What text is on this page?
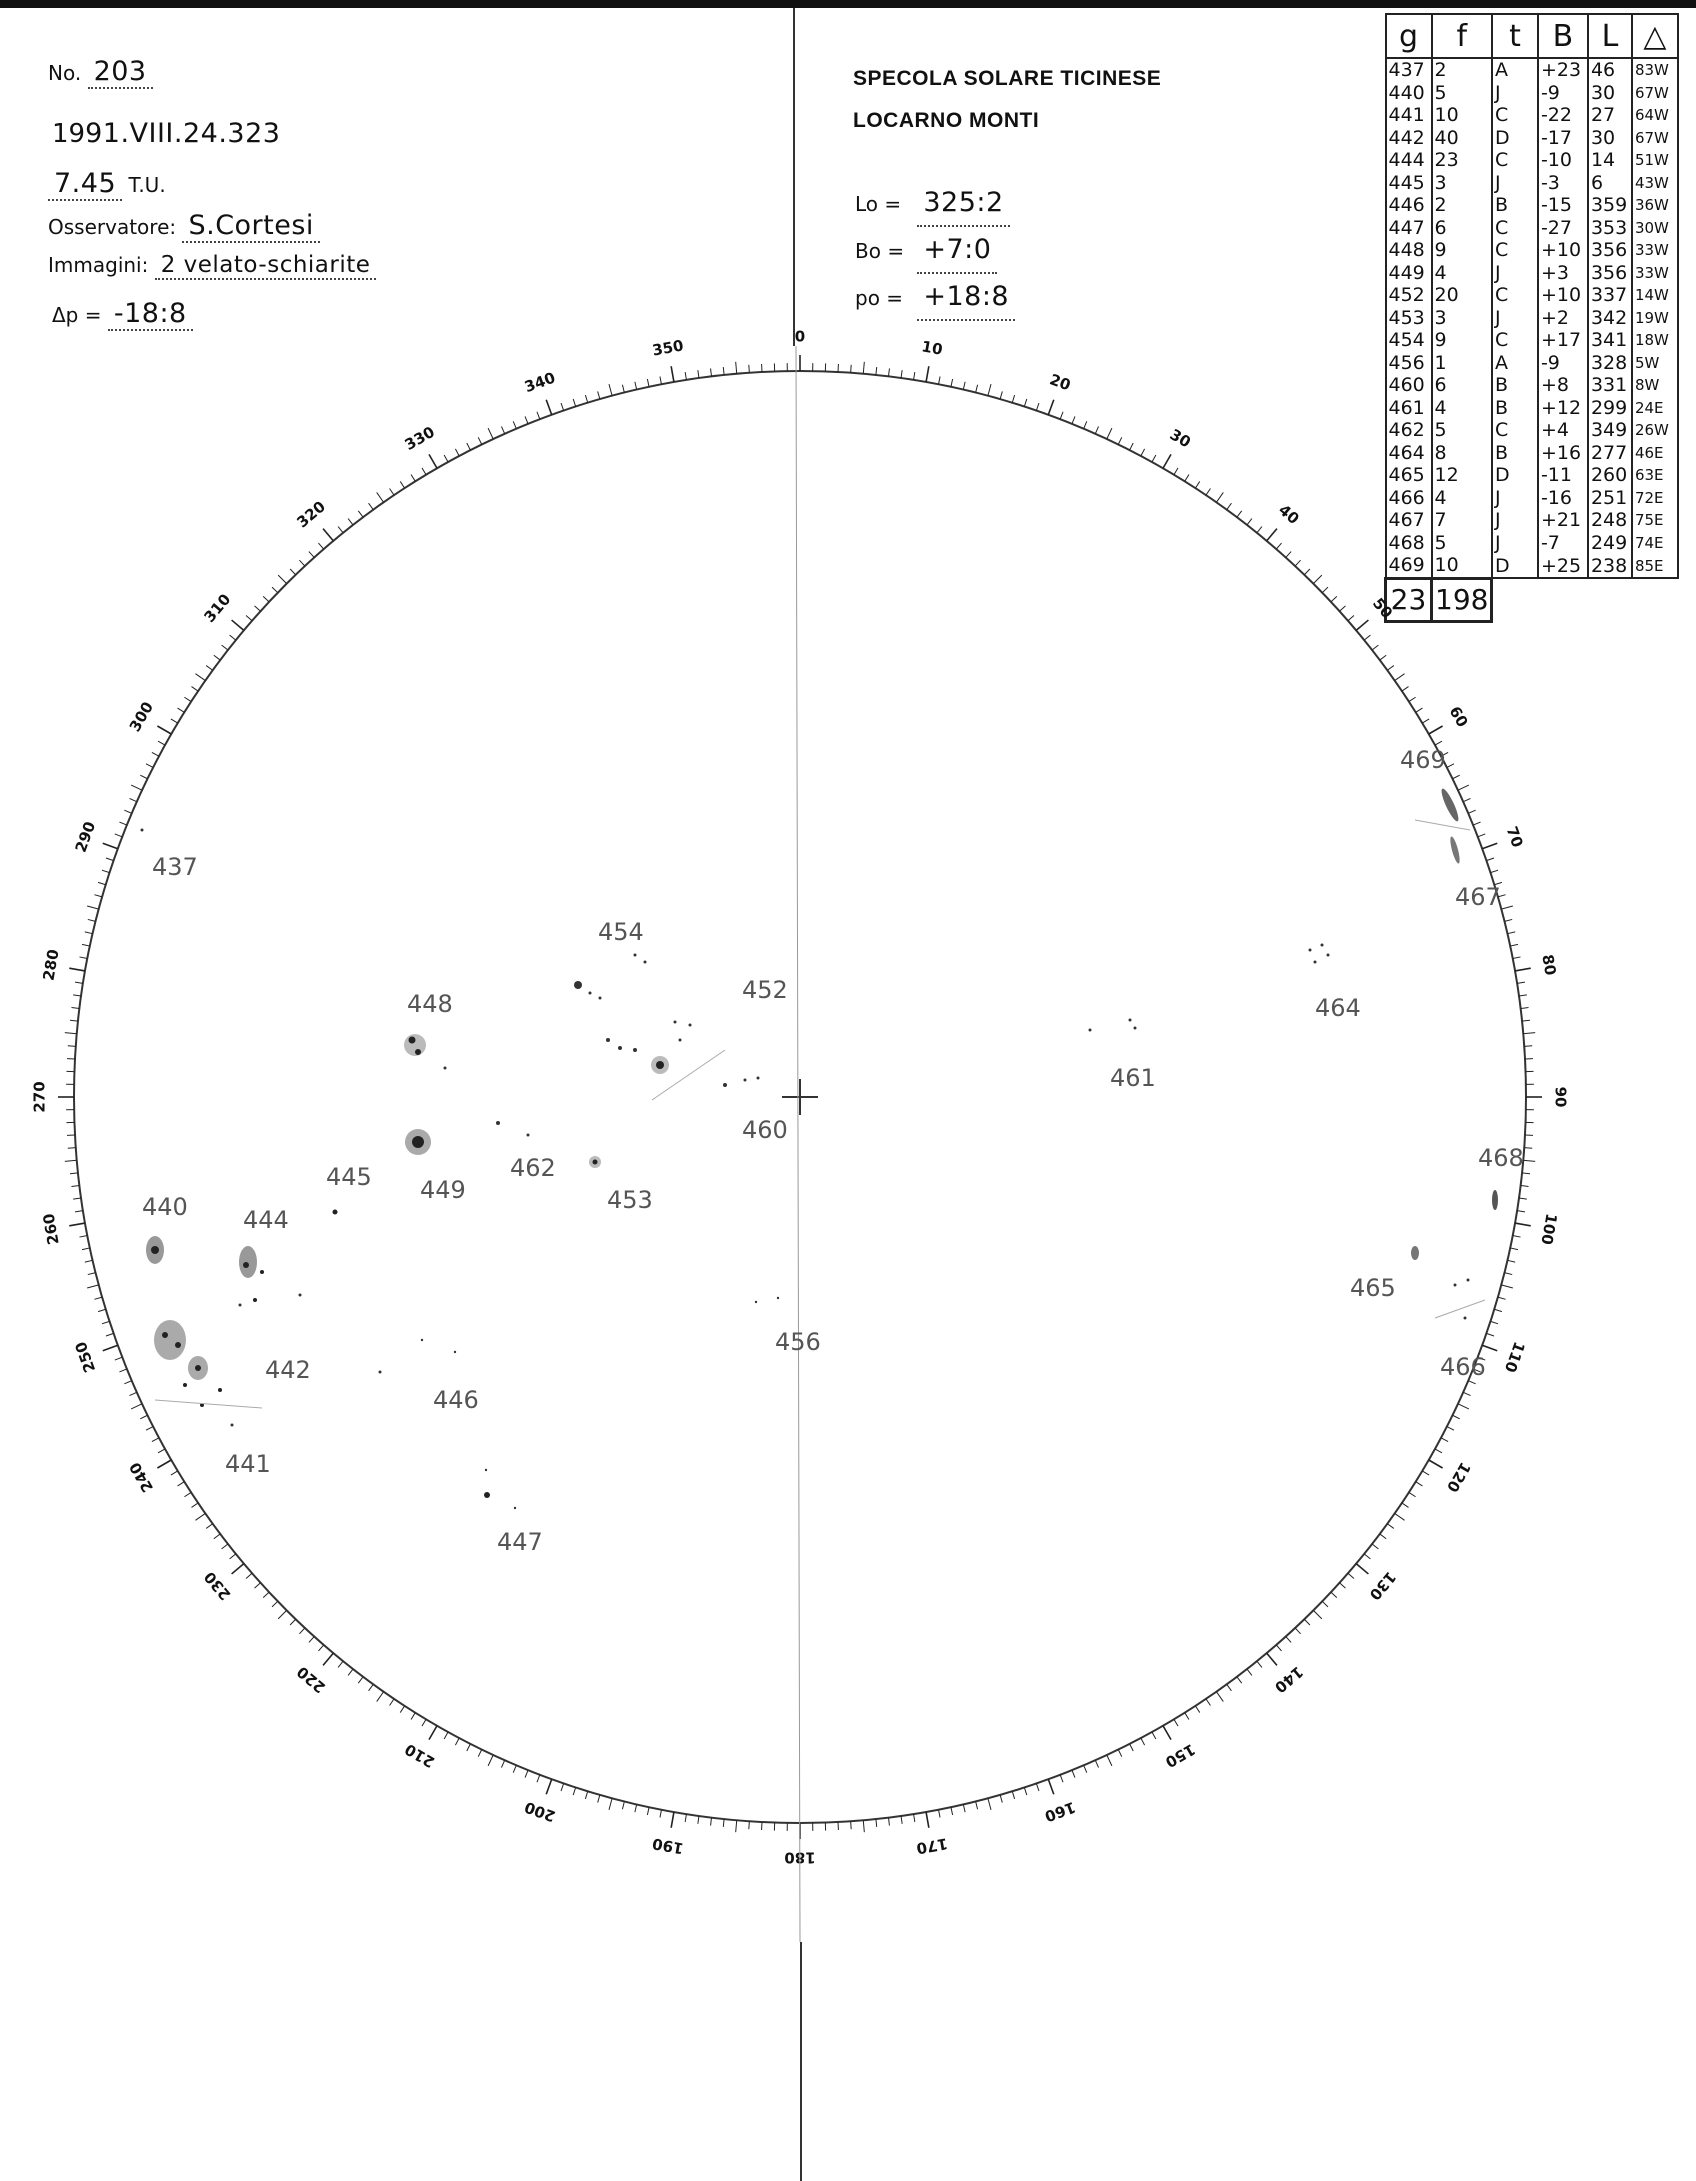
No. 203
1991.VIII.24.323
7.45 T.U.
Osservatore: S.Cortesi
Immagini: 2 velato-schiarite
Δp = -18:8
SPECOLA SOLARE TICINESE
LOCARNO MONTI
Lo = 325:2
Bo = +7:0
po = +18:8
g	f	t	B	L	△
437	2	A	+23	46	83W
440	5	J	-9	30	67W
441	10	C	-22	27	64W
442	40	D	-17	30	67W
444	23	C	-10	14	51W
445	3	J	-3	6	43W
446	2	B	-15	359	36W
447	6	C	-27	353	30W
448	9	C	+10	356	33W
449	4	J	+3	356	33W
452	20	C	+10	337	14W
453	3	J	+2	342	19W
454	9	C	+17	341	18W
456	1	A	-9	328	5W
460	6	B	+8	331	8W
461	4	B	+12	299	24E
462	5	C	+4	349	26W
464	8	B	+16	277	46E
465	12	D	-11	260	63E
466	4	J	-16	251	72E
467	7	J	+21	248	75E
468	5	J	-7	249	74E
469	10	D	+25	238	85E
23	198				
0
10
20
30
40
50
60
70
80
90
100
110
120
130
140
150
160
170
180
190
200
210
220
230
240
250
260
270
280
290
300
310
320
330
340
350
437
454
452
448
461
464
460
462
445 449	453
440 444
468
465
456
442
446
466
441
447
469
467
